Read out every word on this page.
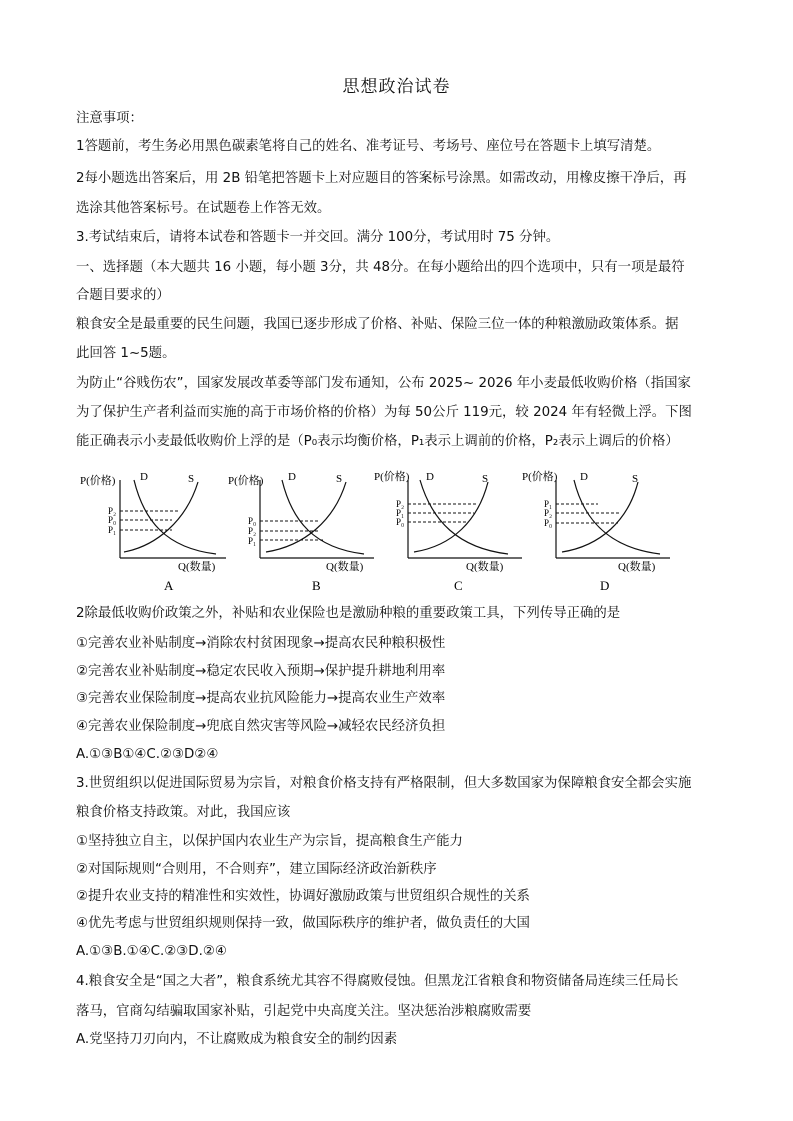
思想政治试卷
注意事项：
1答题前，考生务必用黑色碳素笔将自己的姓名、准考证号、考场号、座位号在答题卡上填写清楚。
2每小题选出答案后，用 2B 铅笔把答题卡上对应题目的答案标号涂黑。如需改动，用橡皮擦干净后，再
选涂其他答案标号。在试题卷上作答无效。
3.考试结束后，请将本试卷和答题卡一并交回。满分 100分，考试用时 75 分钟。
一、选择题（本大题共 16 小题，每小题 3分，共 48分。在每小题给出的四个选项中，只有一项是最符
合题目要求的）
粮食安全是最重要的民生问题，我国已逐步形成了价格、补贴、保险三位一体的种粮激励政策体系。据
此回答 1~5题。
为防止“谷贱伤农”，国家发展改革委等部门发布通知，公布 2025~ 2026 年小麦最低收购价格（指国家
为了保护生产者利益而实施的高于市场价格的价格）为每 50公斤 119元，较 2024 年有轻微上浮。下图
能正确表示小麦最低收购价上浮的是（P₀表示均衡价格，P₁表示上调前的价格，P₂表示上调后的价格）
P(价格) D	S
P₂
P₀
P₁
Q(数量)
A
P(价格) D	S
P₀
P₂
P₁
Q(数量)
B
P(价格) D	S
P₂
P₁
P₀
Q(数量)
C
P(价格) D	S
P₁
P₂
P₀
Q(数量)
D
2除最低收购价政策之外，补贴和农业保险也是激励种粮的重要政策工具，下列传导正确的是
①完善农业补贴制度→消除农村贫困现象→提高农民种粮积极性
②完善农业补贴制度→稳定农民收入预期→保护提升耕地利用率
③完善农业保险制度→提高农业抗风险能力→提高农业生产效率
④完善农业保险制度→兜底自然灾害等风险→减轻农民经济负担
A.①③B①④C.②③D②④
3.世贸组织以促进国际贸易为宗旨，对粮食价格支持有严格限制，但大多数国家为保障粮食安全都会实施
粮食价格支持政策。对此，我国应该
①坚持独立自主，以保护国内农业生产为宗旨，提高粮食生产能力
②对国际规则“合则用，不合则弃”，建立国际经济政治新秩序
②提升农业支持的精准性和实效性，协调好激励政策与世贸组织合规性的关系
④优先考虑与世贸组织规则保持一致，做国际秩序的维护者，做负责任的大国
A.①③B.①④C.②③D.②④
4.粮食安全是“国之大者”，粮食系统尤其容不得腐败侵蚀。但黑龙江省粮食和物资储备局连续三任局长
落马，官商勾结骗取国家补贴，引起党中央高度关注。坚决惩治涉粮腐败需要
A.党坚持刀刃向内，不让腐败成为粮食安全的制约因素
